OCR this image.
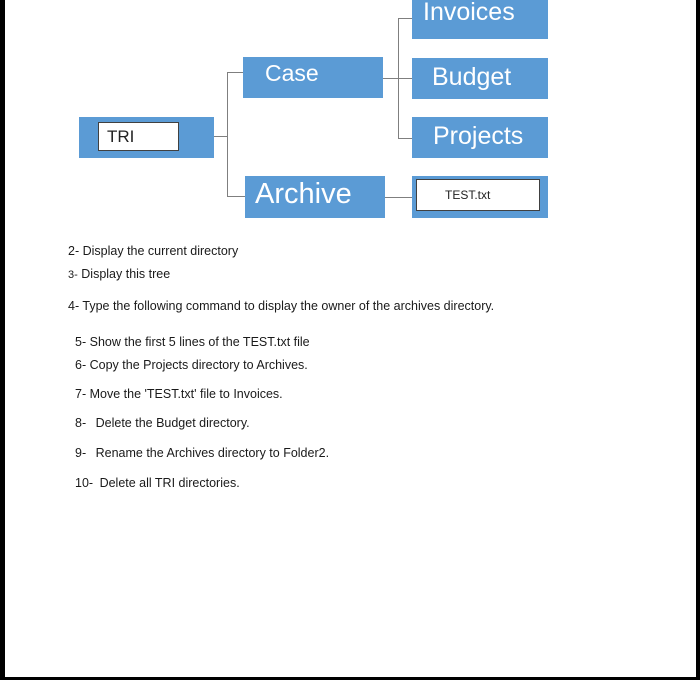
TRI
Case
Archive
Invoices
Budget
Projects
TEST.txt
2- Display the current directory
3- Display this tree
4- Type the following command to display the owner of the archives directory.
5- Show the first 5 lines of the TEST.txt file
6- Copy the Projects directory to Archives.
7- Move the 'TEST.txt' file to Invoices.
8- Delete the Budget directory.
9- Rename the Archives directory to Folder2.
10- Delete all TRI directories.
